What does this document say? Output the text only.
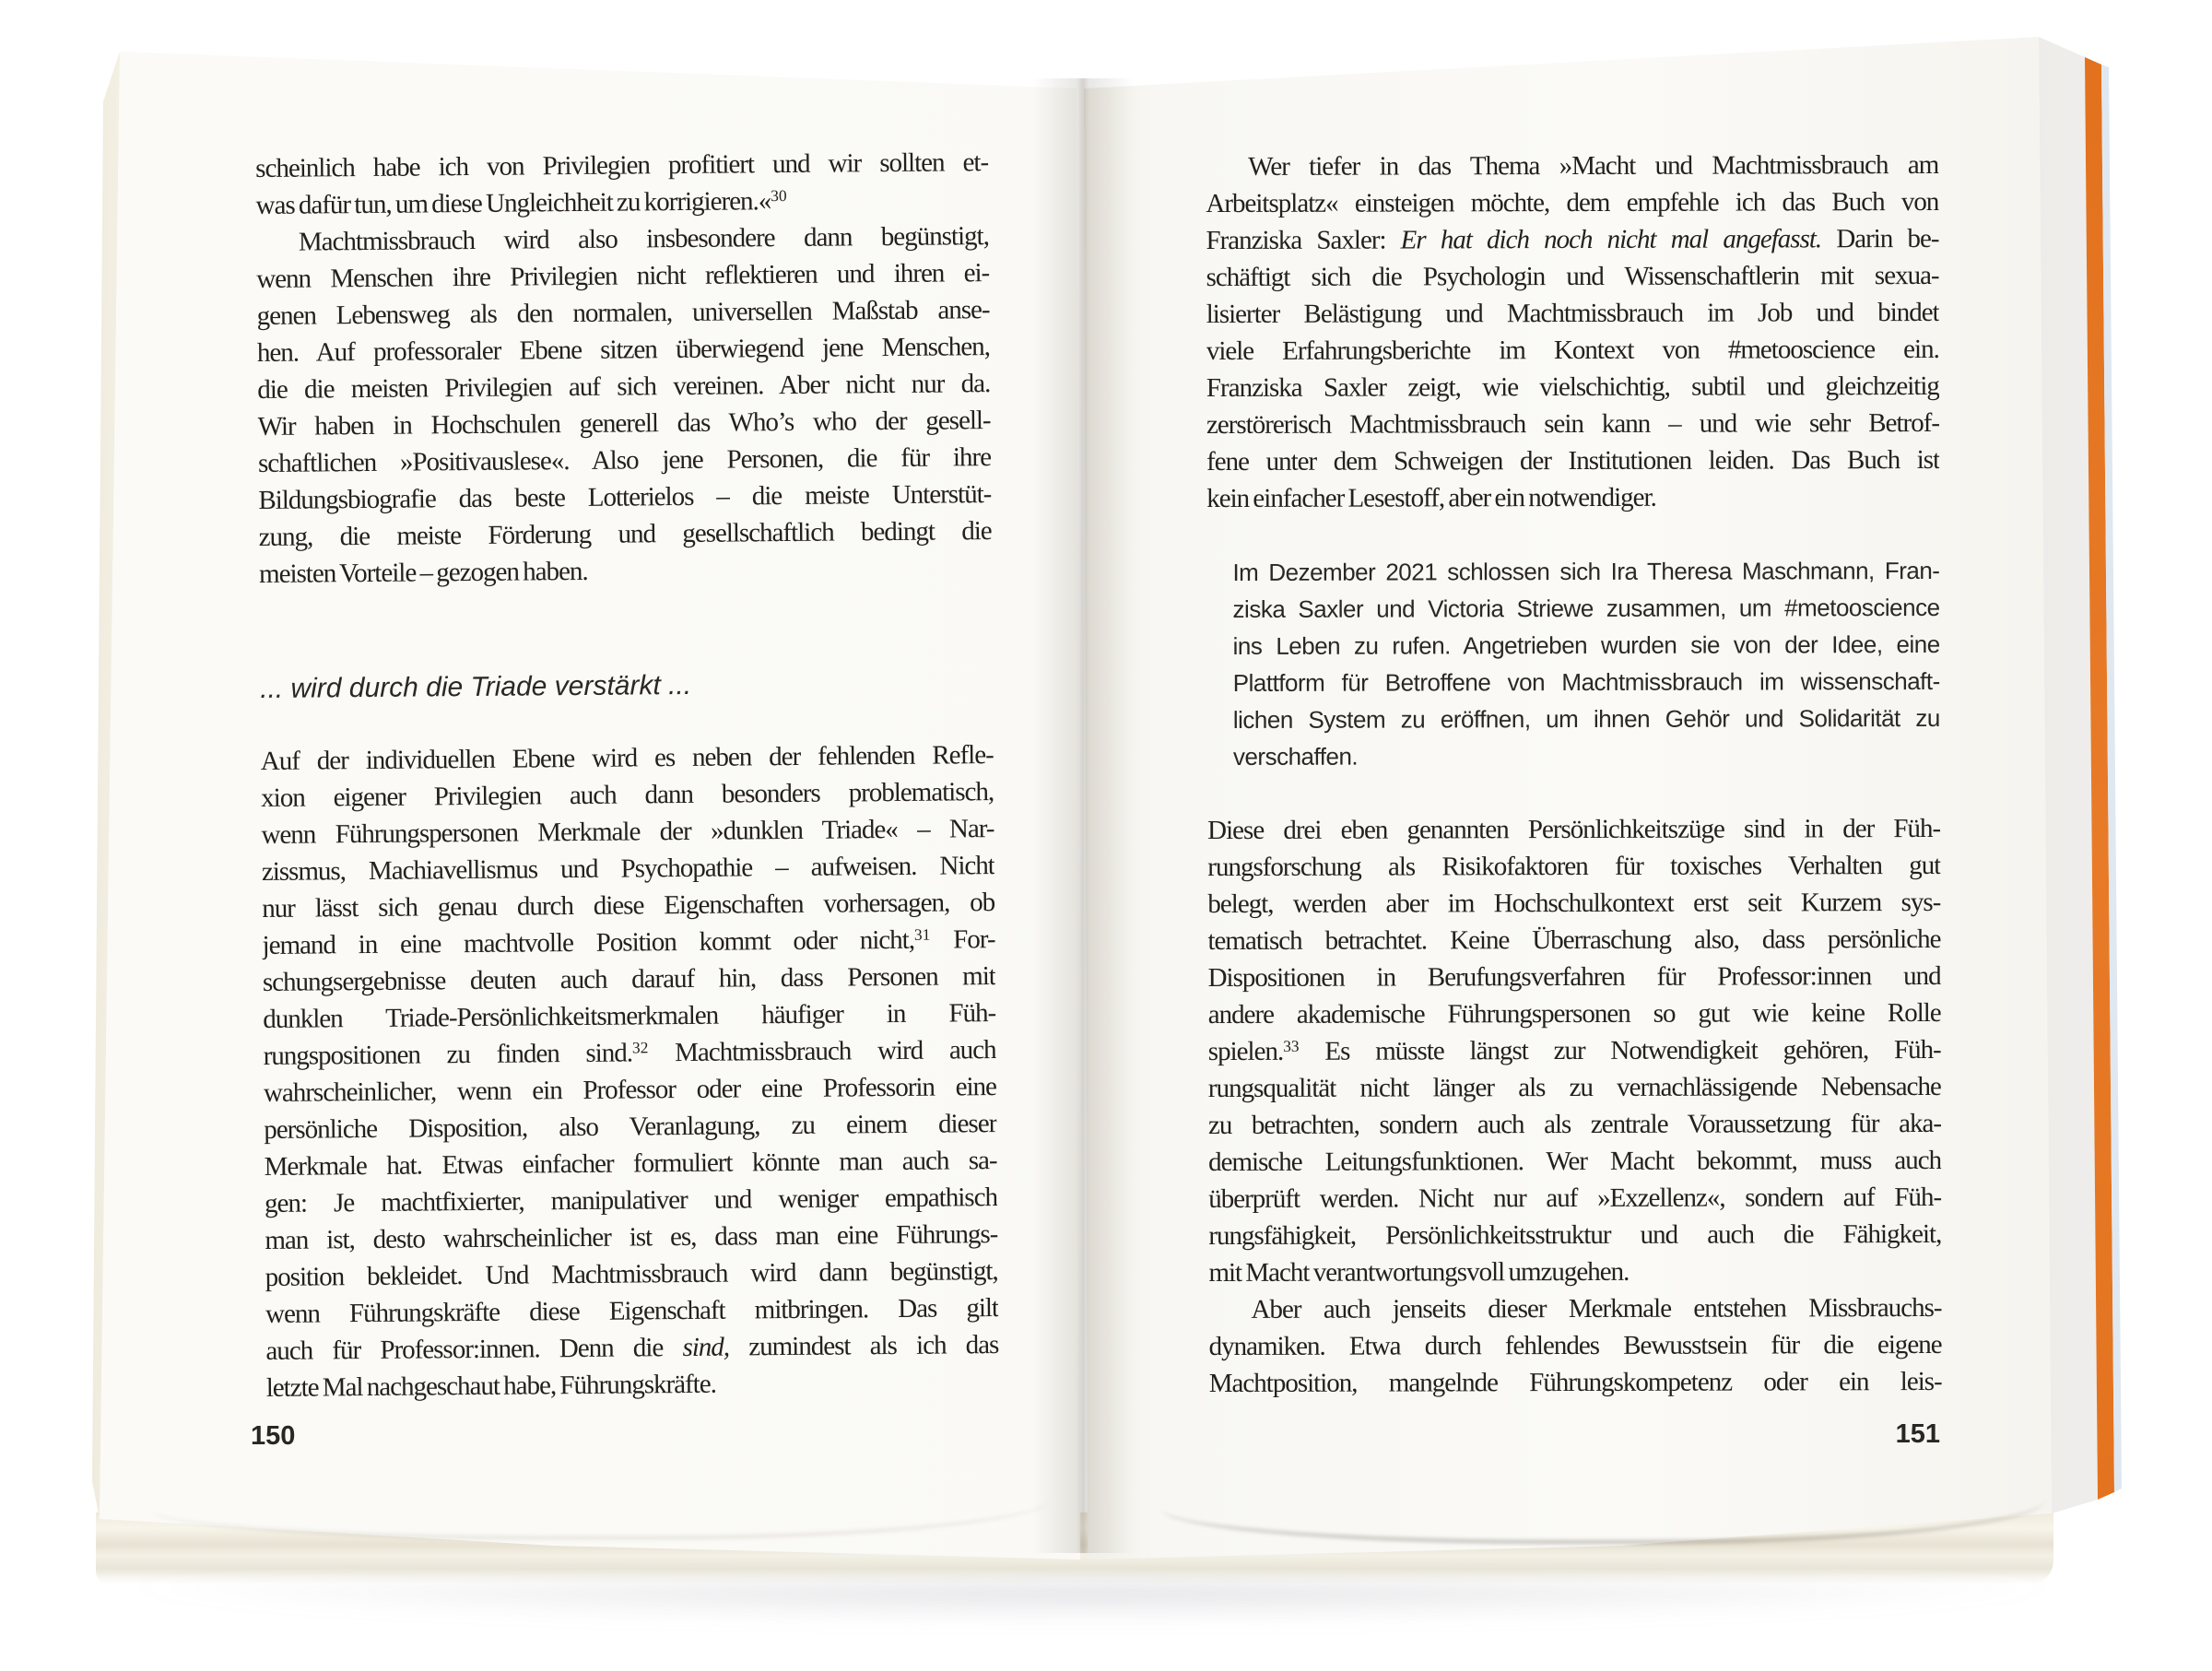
scheinlich habe ich von Privilegien profitiert und wir sollten et-
was dafür tun, um diese Ungleichheit zu korrigieren.«$^{30}$
Machtmissbrauch wird also insbesondere dann begünstigt,
wenn Menschen ihre Privilegien nicht reflektieren und ihren ei-
genen Lebensweg als den normalen, universellen Maßstab anse-
hen. Auf professoraler Ebene sitzen überwiegend jene Menschen,
die die meisten Privilegien auf sich vereinen. Aber nicht nur da.
Wir haben in Hochschulen generell das Who’s who der gesell-
schaftlichen »Positivauslese«. Also jene Personen, die für ihre
Bildungsbiografie das beste Lotterielos – die meiste Unterstüt-
zung, die meiste Förderung und gesellschaftlich bedingt die
meisten Vorteile – gezogen haben.
... wird durch die Triade verstärkt ...
Auf der individuellen Ebene wird es neben der fehlenden Refle-
xion eigener Privilegien auch dann besonders problematisch,
wenn Führungspersonen Merkmale der »dunklen Triade« – Nar-
zissmus, Machiavellismus und Psychopathie – aufweisen. Nicht
nur lässt sich genau durch diese Eigenschaften vorhersagen, ob
jemand in eine machtvolle Position kommt oder nicht,$^{31}$ For-
schungsergebnisse deuten auch darauf hin, dass Personen mit
dunklen Triade-Persönlichkeitsmerkmalen häufiger in Füh-
rungspositionen zu finden sind.$^{32}$ Machtmissbrauch wird auch
wahrscheinlicher, wenn ein Professor oder eine Professorin eine
persönliche Disposition, also Veranlagung, zu einem dieser
Merkmale hat. Etwas einfacher formuliert könnte man auch sa-
gen: Je machtfixierter, manipulativer und weniger empathisch
man ist, desto wahrscheinlicher ist es, dass man eine Führungs-
position bekleidet. Und Machtmissbrauch wird dann begünstigt,
wenn Führungskräfte diese Eigenschaft mitbringen. Das gilt
auch für Professor:innen. Denn die sind, zumindest als ich das
letzte Mal nachgeschaut habe, Führungskräfte.
Wer tiefer in das Thema »Macht und Machtmissbrauch am
Arbeitsplatz« einsteigen möchte, dem empfehle ich das Buch von
Franziska Saxler: Er hat dich noch nicht mal angefasst. Darin be-
schäftigt sich die Psychologin und Wissenschaftlerin mit sexua-
lisierter Belästigung und Machtmissbrauch im Job und bindet
viele Erfahrungsberichte im Kontext von #metooscience ein.
Franziska Saxler zeigt, wie vielschichtig, subtil und gleichzeitig
zerstörerisch Machtmissbrauch sein kann – und wie sehr Betrof-
fene unter dem Schweigen der Institutionen leiden. Das Buch ist
kein einfacher Lesestoff, aber ein notwendiger.
Im Dezember 2021 schlossen sich Ira Theresa Maschmann, Fran-
ziska Saxler und Victoria Striewe zusammen, um #metooscience
ins Leben zu rufen. Angetrieben wurden sie von der Idee, eine
Plattform für Betroffene von Machtmissbrauch im wissenschaft-
lichen System zu eröffnen, um ihnen Gehör und Solidarität zu
verschaffen.
Diese drei eben genannten Persönlichkeitszüge sind in der Füh-
rungsforschung als Risikofaktoren für toxisches Verhalten gut
belegt, werden aber im Hochschulkontext erst seit Kurzem sys-
tematisch betrachtet. Keine Überraschung also, dass persönliche
Dispositionen in Berufungsverfahren für Professor:innen und
andere akademische Führungspersonen so gut wie keine Rolle
spielen.$^{33}$ Es müsste längst zur Notwendigkeit gehören, Füh-
rungsqualität nicht länger als zu vernachlässigende Nebensache
zu betrachten, sondern auch als zentrale Voraussetzung für aka-
demische Leitungsfunktionen. Wer Macht bekommt, muss auch
überprüft werden. Nicht nur auf »Exzellenz«, sondern auf Füh-
rungsfähigkeit, Persönlichkeitsstruktur und auch die Fähigkeit,
mit Macht verantwortungsvoll umzugehen.
Aber auch jenseits dieser Merkmale entstehen Missbrauchs-
dynamiken. Etwa durch fehlendes Bewusstsein für die eigene
Machtposition, mangelnde Führungskompetenz oder ein leis-
150	151
